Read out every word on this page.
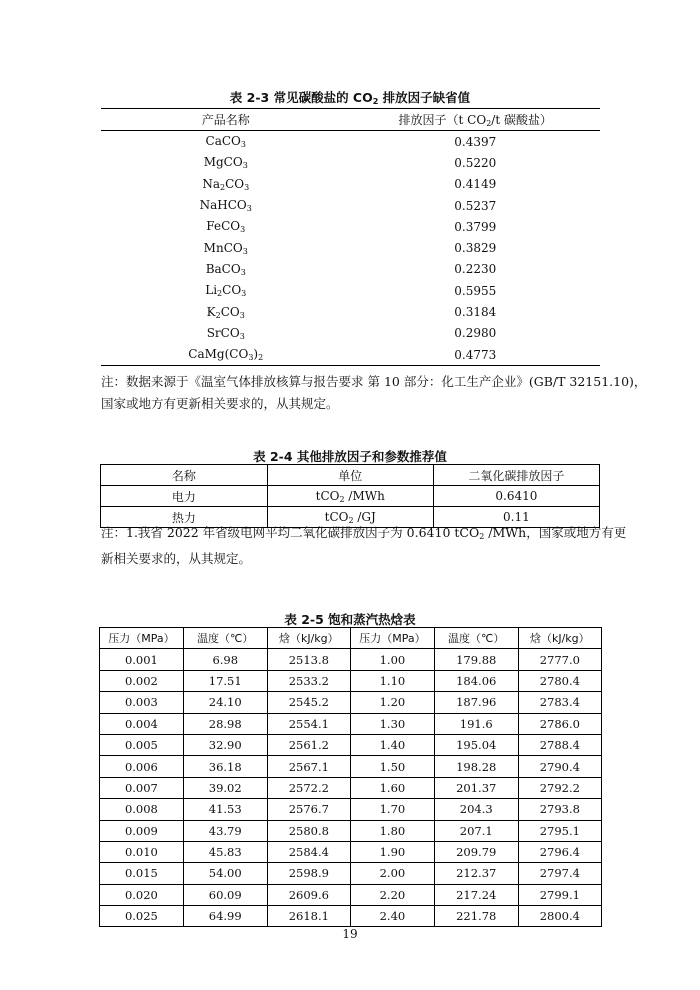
表 2-3 常见碳酸盐的 $CO_2$ 排放因子缺省值
产品名称	排放因子（t $CO_2/t$ 碳酸盐）
CaCO$_3$	0.4397
MgCO$_3$	0.5220
$Na_2CO_3$	0.4149
NaHCO$_3$	0.5237
FeCO$_3$	0.3799
MnCO$_3$	0.3829
BaCO$_3$	0.2230
$Li_2CO_3$	0.5955
$K_2CO_3$	0.3184
SrCO$_3$	0.2980
$CaMg(CO_3)_2$	0.4773
注：数据来源于《温室气体排放核算与报告要求 第 10 部分：化工生产企业》(GB/T 32151.10)，
国家或地方有更新相关要求的，从其规定。
表 2-4 其他排放因子和参数推荐值
名称	单位	二氧化碳排放因子
电力	tCO$_2$ /MWh	0.6410
热力	tCO$_2$ /GJ	0.11
注：1.我省 2022 年省级电网平均二氧化碳排放因子为 0.6410 tCO$_2$ /MWh，国家或地方有更
新相关要求的，从其规定。
表 2-5 饱和蒸汽热焓表
压力（MPa）	温度（℃）	焓（kJ/kg）	压力（MPa）	温度（℃）	焓（kJ/kg）
0.001	6.98	2513.8	1.00	179.88	2777.0
0.002	17.51	2533.2	1.10	184.06	2780.4
0.003	24.10	2545.2	1.20	187.96	2783.4
0.004	28.98	2554.1	1.30	191.6	2786.0
0.005	32.90	2561.2	1.40	195.04	2788.4
0.006	36.18	2567.1	1.50	198.28	2790.4
0.007	39.02	2572.2	1.60	201.37	2792.2
0.008	41.53	2576.7	1.70	204.3	2793.8
0.009	43.79	2580.8	1.80	207.1	2795.1
0.010	45.83	2584.4	1.90	209.79	2796.4
0.015	54.00	2598.9	2.00	212.37	2797.4
0.020	60.09	2609.6	2.20	217.24	2799.1
0.025	64.99	2618.1	2.40	221.78	2800.4
19
